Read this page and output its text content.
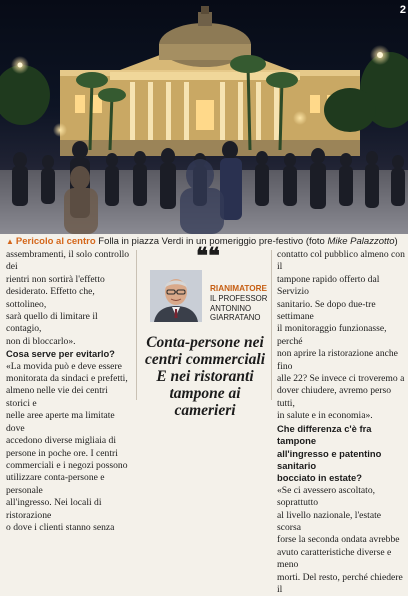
2
▲ Pericolo al centro Folla in piazza Verdi in un pomeriggio pre-festivo (foto Mike Palazzotto)

assembramenti, il solo controllo dei

rientri non sortirà l'effetto

desiderato. Effetto che, sottolineo,

sarà quello di limitare il contagio,

non di bloccarlo».

Cosa serve per evitarlo?

«La movida può e deve essere

monitorata da sindaci e prefetti,

almeno nelle vie dei centri storici e

nelle aree aperte ma limitate dove

accedono diverse migliaia di

persone in poche ore. I centri

commerciali e i negozi possono

utilizzare conta-persone e personale

all'ingresso. Nei locali di ristorazione

o dove i clienti stanno senza

❝❝
RIANIMATORE
IL PROFESSOR
ANTONINO
GIARRATANO
Conta-persone nei
centri commerciali
E nei ristoranti
tampone ai camerieri

contatto col pubblico almeno con il

tampone rapido offerto dal Servizio

sanitario. Se dopo due-tre settimane

il monitoraggio funzionasse, perché

non aprire la ristorazione anche fino

alle 22? Se invece ci troveremo a

dover chiudere, avremo perso tutti,

in salute e in economia».

Che differenza c'è fra tampone

all'ingresso e patentino sanitario

bocciato in estate?

«Se ci avessero ascoltato, soprattutto

al livello nazionale, l'estate scorsa

forse la seconda ondata avrebbe

avuto caratteristiche diverse e meno

morti. Del resto, perché chiedere il
